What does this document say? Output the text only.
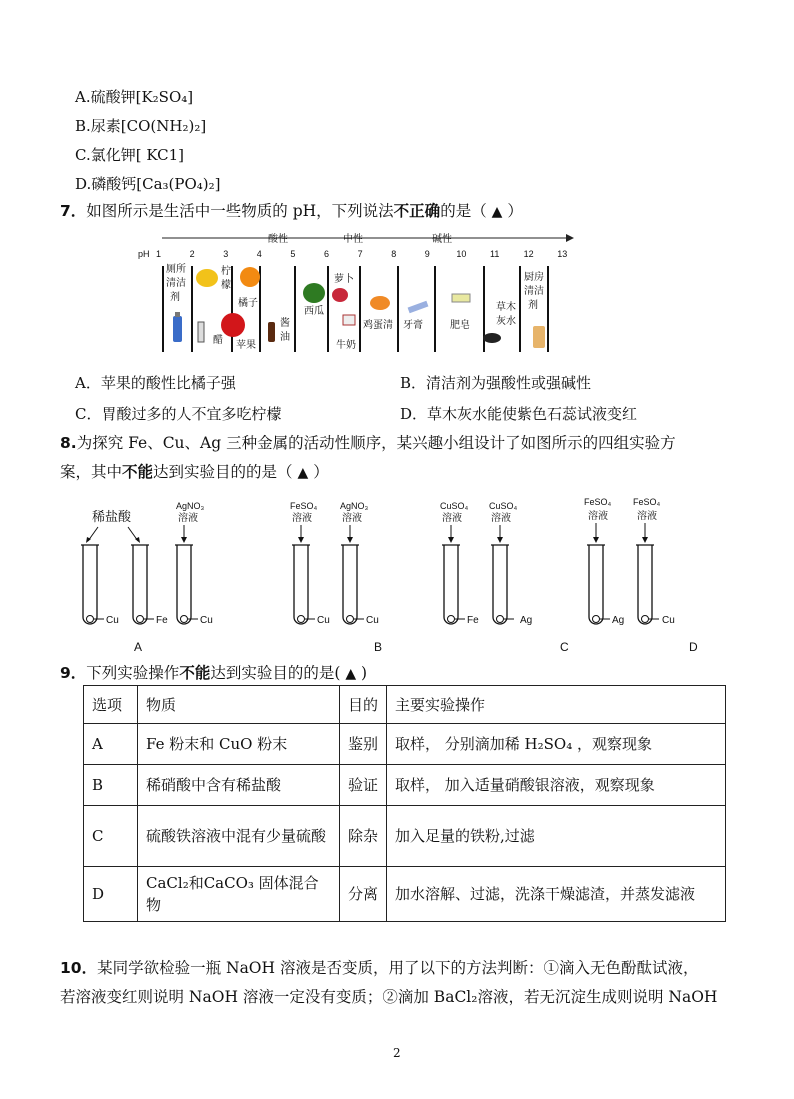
A.硫酸钾[K₂SO₄]
B.尿素[CO(NH₂)₂]
C.氯化钾[ KC1]
D.磷酸钙[Ca₃(PO₄)₂]
7．如图所示是生活中一些物质的 pH，下列说法不正确的是（ ▲ ）
酸性	中性	碱性
pH 1	2	3	4	5	6	7	8	9	10	11	12	13
厕所
清洁
剂
柠
檬
橘子
醋 苹果
酱
油
西瓜
萝卜
牛奶
鸡蛋清 牙膏	肥皂
草木
灰水
厨房
清洁
剂
A．苹果的酸性比橘子强	B．清洁剂为强酸性或强碱性
C．胃酸过多的人不宜多吃柠檬	D．草木灰水能使紫色石蕊试液变红
8.为探究 Fe、Cu、Ag 三种金属的活动性顺序，某兴趣小组设计了如图所示的四组实验方
案，其中不能达到实验目的的是（ ▲ ）
稀盐酸
AgNO₃
溶液
Cu	Fe	Cu
A
FeSO₄
溶液
AgNO₃
溶液
Cu	Cu
B
CuSO₄
溶液
CuSO₄
溶液
Fe	Ag
C
FeSO₄
溶液
FeSO₄
溶液
Ag	Cu
D
9．下列实验操作不能达到实验目的的是( ▲ )
选项	物质	目的	主要实验操作
A	Fe 粉末和 CuO 粉末	鉴别	取样， 分别滴加稀 H₂SO₄ ，观察现象
B	稀硝酸中含有稀盐酸	验证	取样， 加入适量硝酸银溶液，观察现象
C	硫酸铁溶液中混有少量硫酸	除杂	加入足量的铁粉,过滤
D	CaCl₂和CaCO₃ 固体混合物	分离	加水溶解、过滤，洗涤干燥滤渣，并蒸发滤液
10．某同学欲检验一瓶 NaOH 溶液是否变质，用了以下的方法判断：①滴入无色酚酞试液，
若溶液变红则说明 NaOH 溶液一定没有变质；②滴加 BaCl₂溶液，若无沉淀生成则说明 NaOH
2
